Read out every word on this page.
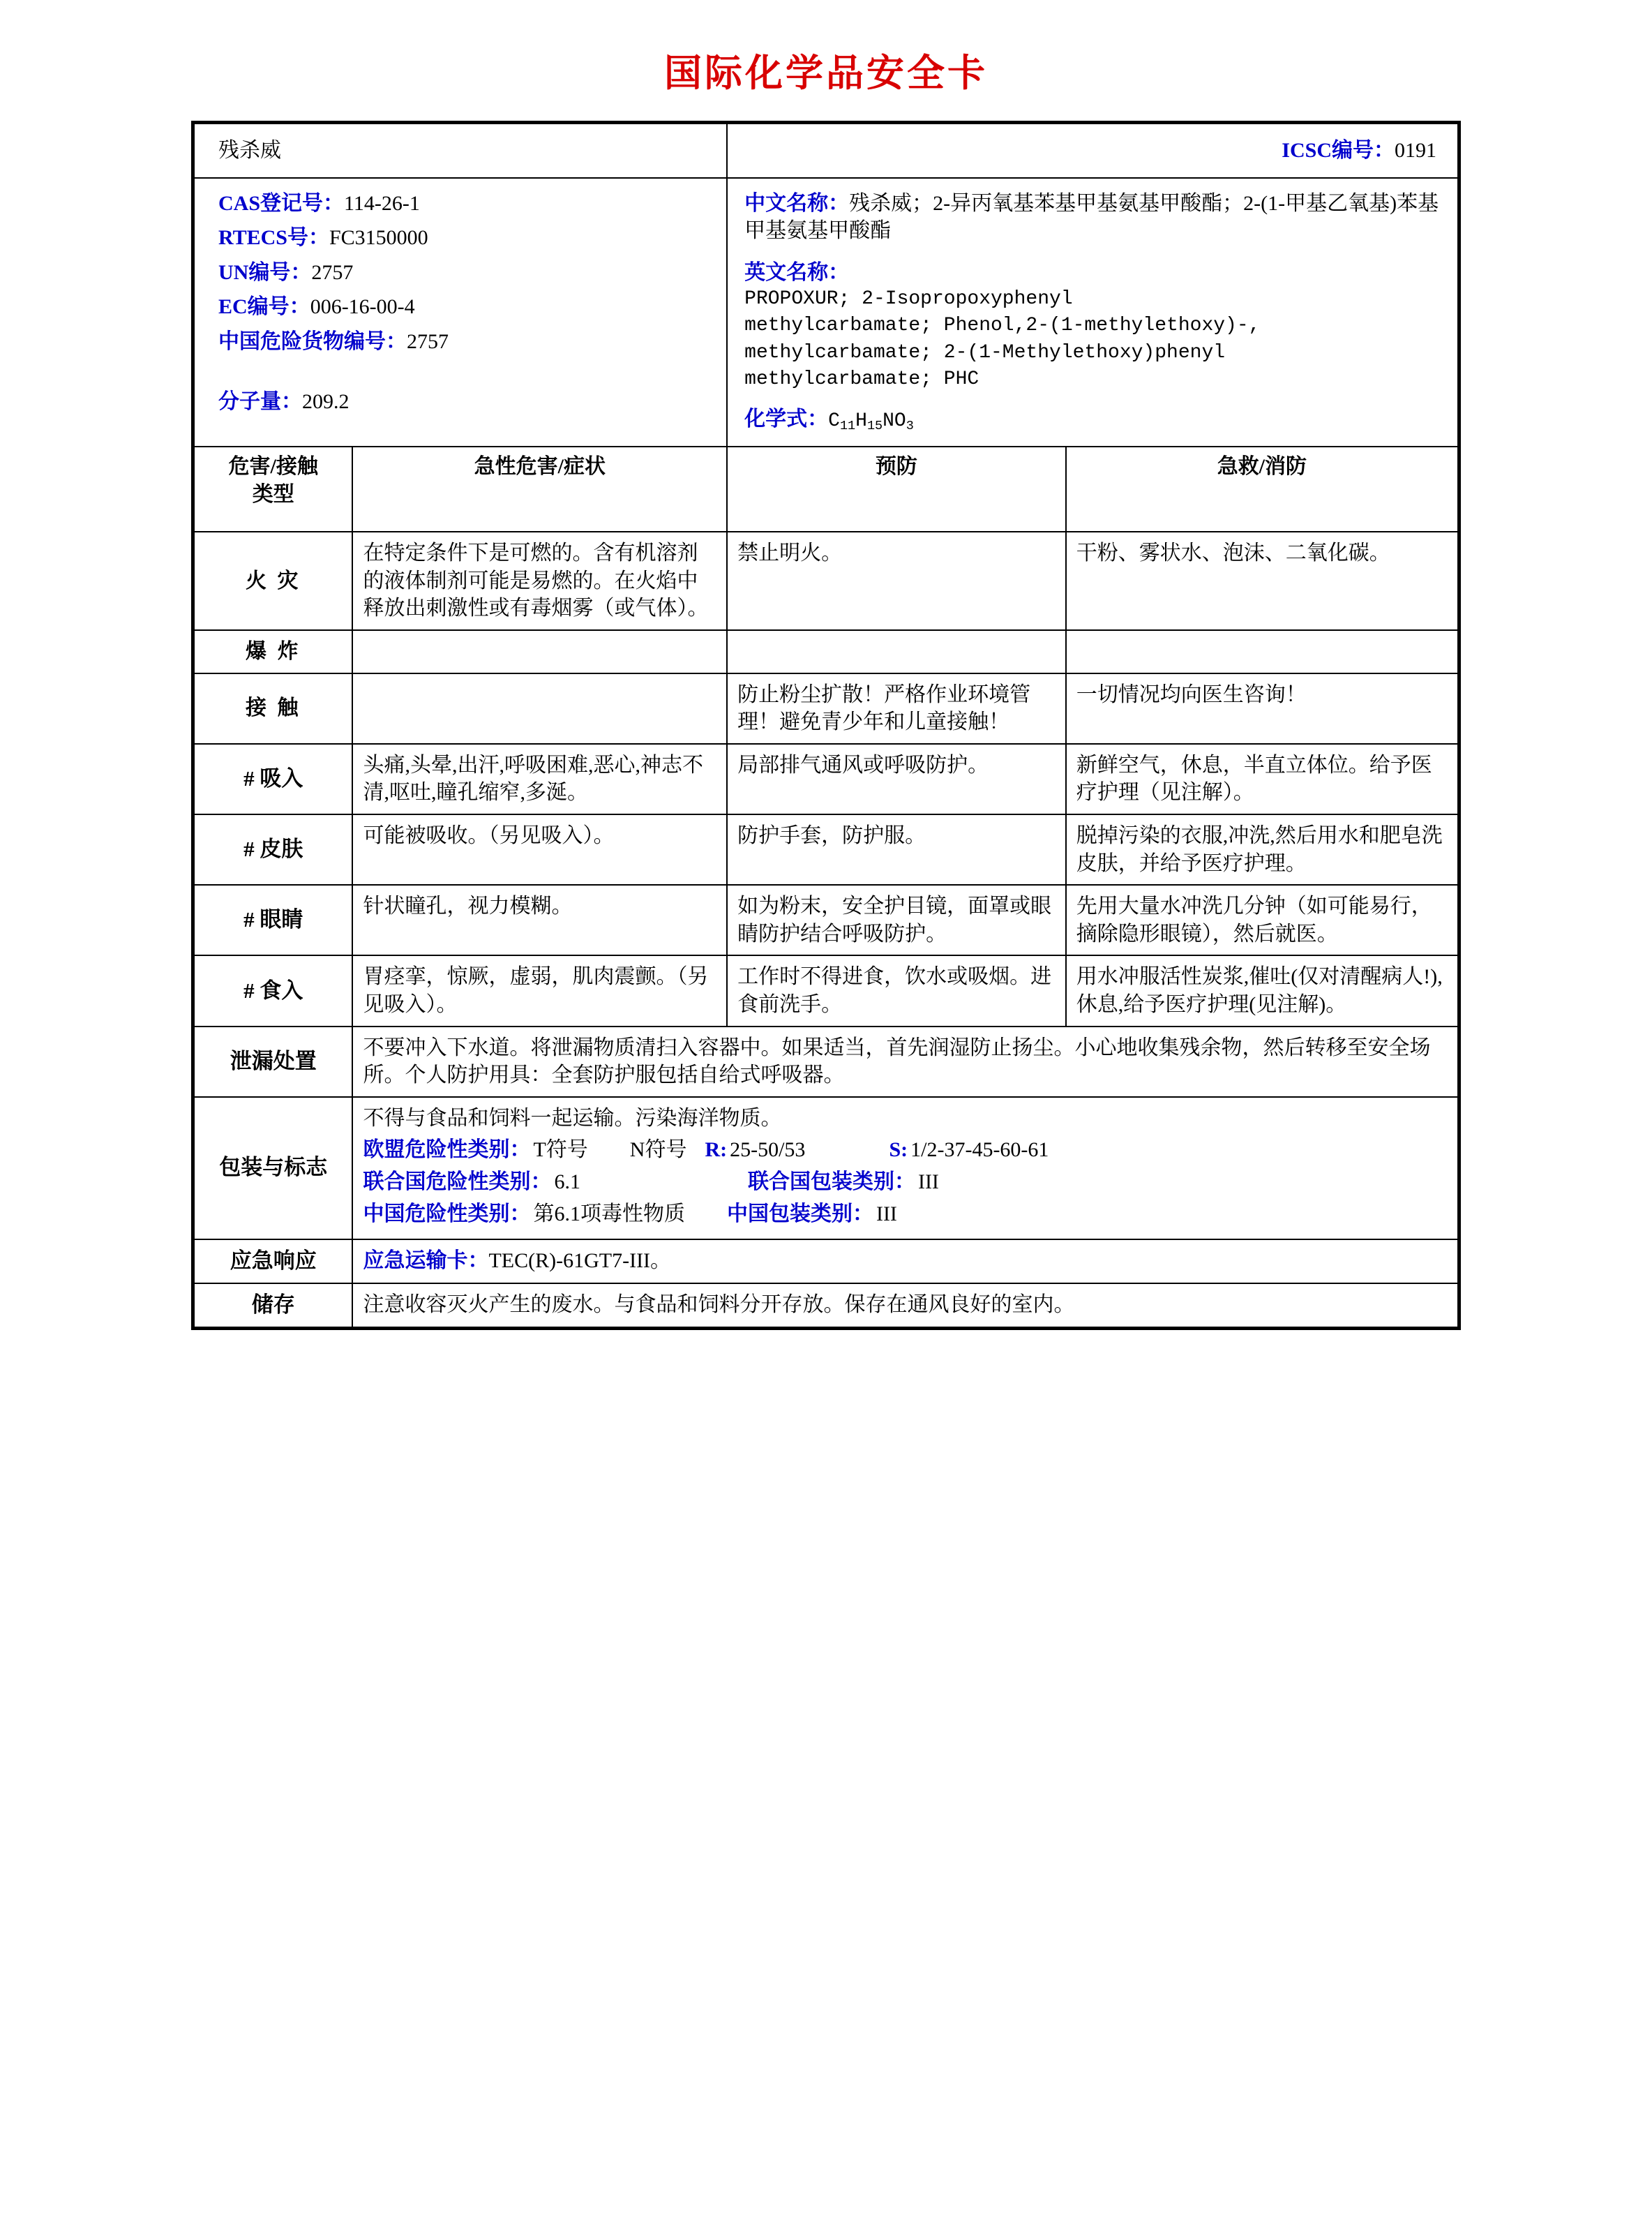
国际化学品安全卡
残杀威		ICSC编号：0191	

CAS登记号：114-26-1
RTECS号：FC3150000
UN编号：2757
EC编号：006-16-00-4
中国危险货物编号：2757
分子量：209.2

中文名称：残杀威；2-异丙氧基苯基甲基氨基甲酸酯；2-(1-甲基乙氧基)苯基甲基氨基甲酸酯
英文名称：
PROPOXUR; 2-Isopropoxyphenyl
methylcarbamate; Phenol,2-(1-methylethoxy)-,
methylcarbamate; 2-(1-Methylethoxy)phenyl
methylcarbamate; PHC
化学式：$C_{11}H_{15}NO_3$

危害/接触
类型	急性危害/症状	预防	急救/消防
火 灾	在特定条件下是可燃的。含有机溶剂的液体制剂可能是易燃的。在火焰中释放出刺激性或有毒烟雾（或气体）。	禁止明火。	干粉、雾状水、泡沫、二氧化碳。
爆 炸			
接 触		防止粉尘扩散！严格作业环境管理！避免青少年和儿童接触！	一切情况均向医生咨询！
# 吸入	头痛,头晕,出汗,呼吸困难,恶心,神志不清,呕吐,瞳孔缩窄,多涎。	局部排气通风或呼吸防护。	新鲜空气，休息，半直立体位。给予医疗护理（见注解）。
# 皮肤	可能被吸收。（另见吸入）。	防护手套，防护服。	脱掉污染的衣服,冲洗,然后用水和肥皂洗皮肤，并给予医疗护理。
# 眼睛	针状瞳孔，视力模糊。	如为粉末，安全护目镜，面罩或眼睛防护结合呼吸防护。	先用大量水冲洗几分钟（如可能易行，摘除隐形眼镜），然后就医。
# 食入	胃痉挛，惊厥，虚弱，肌肉震颤。（另见吸入）。	工作时不得进食，饮水或吸烟。进食前洗手。	用水冲服活性炭浆,催吐(仅对清醒病人!),休息,给予医疗护理(见注解)。
泄漏处置	不要冲入下水道。将泄漏物质清扫入容器中。如果适当，首先润湿防止扬尘。小心地收集残余物，然后转移至安全场所。个人防护用具：全套防护服包括自给式呼吸器。		
包装与标志	不得与食品和饲料一起运输。污染海洋物质。
欧盟危险性类别： T符号 N符号 R: 25-50/53 S: 1/2-37-45-60-61
联合国危险性类别： 6.1 联合国包装类别： III
中国危险性类别： 第6.1项毒性物质 中国包装类别： III		

应急响应	应急运输卡：TEC(R)-61GT7-III。		
储存	注意收容灭火产生的废水。与食品和饲料分开存放。保存在通风良好的室内。		
